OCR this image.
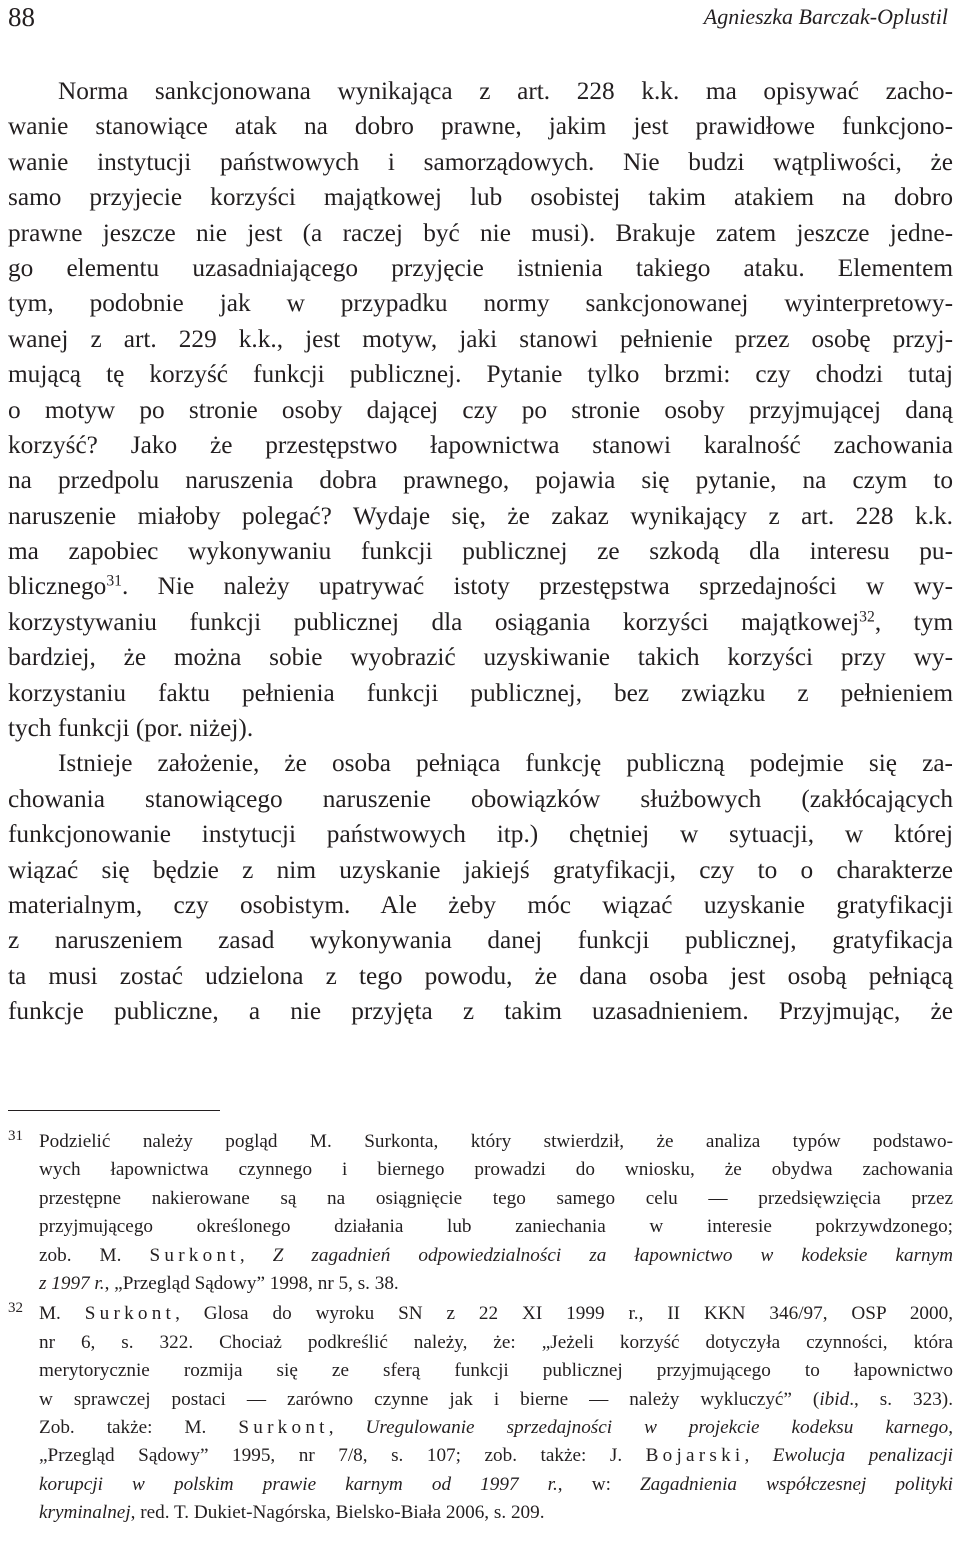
88	Agnieszka Barczak-Oplustil
Norma sankcjonowana wynikająca z art. 228 k.k. ma opisywać zacho-
wanie stanowiące atak na dobro prawne, jakim jest prawidłowe funkcjono-
wanie instytucji państwowych i samorządowych. Nie budzi wątpliwości, że
samo przyjecie korzyści majątkowej lub osobistej takim atakiem na dobro
prawne jeszcze nie jest (a raczej być nie musi). Brakuje zatem jeszcze jedne-
go elementu uzasadniającego przyjęcie istnienia takiego ataku. Elementem
tym, podobnie jak w przypadku normy sankcjonowanej wyinterpretowy-
wanej z art. 229 k.k., jest motyw, jaki stanowi pełnienie przez osobę przyj-
mującą tę korzyść funkcji publicznej. Pytanie tylko brzmi: czy chodzi tutaj
o motyw po stronie osoby dającej czy po stronie osoby przyjmującej daną
korzyść? Jako że przestępstwo łapownictwa stanowi karalność zachowania
na przedpolu naruszenia dobra prawnego, pojawia się pytanie, na czym to
naruszenie miałoby polegać? Wydaje się, że zakaz wynikający z art. 228 k.k.
ma zapobiec wykonywaniu funkcji publicznej ze szkodą dla interesu pu-
blicznego$^{31}$. Nie należy upatrywać istoty przestępstwa sprzedajności w wy-
korzystywaniu funkcji publicznej dla osiągania korzyści majątkowej$^{32}$, tym
bardziej, że można sobie wyobrazić uzyskiwanie takich korzyści przy wy-
korzystaniu faktu pełnienia funkcji publicznej, bez związku z pełnieniem
tych funkcji (por. niżej).
Istnieje założenie, że osoba pełniąca funkcję publiczną podejmie się za-
chowania stanowiącego naruszenie obowiązków służbowych (zakłócających
funkcjonowanie instytucji państwowych itp.) chętniej w sytuacji, w której
wiązać się będzie z nim uzyskanie jakiejś gratyfikacji, czy to o charakterze
materialnym, czy osobistym. Ale żeby móc wiązać uzyskanie gratyfikacji
z naruszeniem zasad wykonywania danej funkcji publicznej, gratyfikacja
ta musi zostać udzielona z tego powodu, że dana osoba jest osobą pełniącą
funkcje publiczne, a nie przyjęta z takim uzasadnieniem. Przyjmując, że
31 Podzielić należy pogląd M. Surkonta, który stwierdził, że analiza typów podstawo-
wych łapownictwa czynnego i biernego prowadzi do wniosku, że obydwa zachowania
przestępne nakierowane są na osiągnięcie tego samego celu — przedsięwzięcia przez
przyjmującego określonego działania lub zaniechania w interesie pokrzywdzonego;
zob. M. Surkont, Z zagadnień odpowiedzialności za łapownictwo w kodeksie karnym
z 1997 r., „Przegląd Sądowy” 1998, nr 5, s. 38.
32 M. Surkont, Glosa do wyroku SN z 22 XI 1999 r., II KKN 346/97, OSP 2000,
nr 6, s. 322. Chociaż podkreślić należy, że: „Jeżeli korzyść dotyczyła czynności, która
merytorycznie rozmija się ze sferą funkcji publicznej przyjmującego to łapownictwo
w sprawczej postaci — zarówno czynne jak i bierne — należy wykluczyć” (ibid., s. 323).
Zob. także: M. Surkont, Uregulowanie sprzedajności w projekcie kodeksu karnego,
„Przegląd Sądowy” 1995, nr 7/8, s. 107; zob. także: J. Bojarski, Ewolucja penalizacji
korupcji w polskim prawie karnym od 1997 r., w: Zagadnienia współczesnej polityki
kryminalnej, red. T. Dukiet-Nagórska, Bielsko-Biała 2006, s. 209.
